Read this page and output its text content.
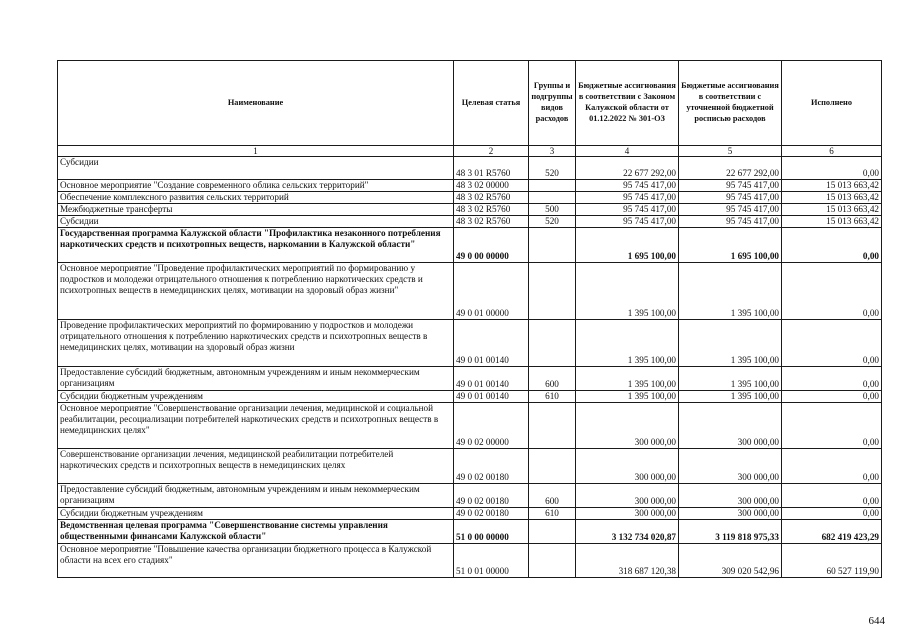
Наименование	Целевая статья	Группы и подгруппы видов расходов	Бюджетные ассигнования в соответствии с Законом Калужской области от 01.12.2022 № 301-ОЗ	Бюджетные ассигнования в соответствии с уточненной бюджетной росписью расходов	Исполнено
1	2	3	4	5	6
Субсидии	48 3 01 R5760	520	22 677 292,00	22 677 292,00	0,00
Основное мероприятие "Создание современного облика сельских территорий"	48 3 02 00000		95 745 417,00	95 745 417,00	15 013 663,42
Обеспечение комплексного развития сельских территорий	48 3 02 R5760		95 745 417,00	95 745 417,00	15 013 663,42
Межбюджетные трансферты	48 3 02 R5760	500	95 745 417,00	95 745 417,00	15 013 663,42
Субсидии	48 3 02 R5760	520	95 745 417,00	95 745 417,00	15 013 663,42
Государственная программа Калужской области "Профилактика незаконного потребления наркотических средств и психотропных веществ, наркомании в Калужской области"	49 0 00 00000		1 695 100,00	1 695 100,00	0,00
Основное мероприятие "Проведение профилактических мероприятий по формированию у подростков и молодежи отрицательного отношения к потреблению наркотических средств и психотропных веществ в немедицинских целях, мотивации на здоровый образ жизни"	49 0 01 00000		1 395 100,00	1 395 100,00	0,00
Проведение профилактических мероприятий по формированию у подростков и молодежи отрицательного отношения к потреблению наркотических средств и психотропных веществ в немедицинских целях, мотивации на здоровый образ жизни	49 0 01 00140		1 395 100,00	1 395 100,00	0,00
Предоставление субсидий бюджетным, автономным учреждениям и иным некоммерческим организациям	49 0 01 00140	600	1 395 100,00	1 395 100,00	0,00
Субсидии бюджетным учреждениям	49 0 01 00140	610	1 395 100,00	1 395 100,00	0,00
Основное мероприятие "Совершенствование организации лечения, медицинской и социальной реабилитации, ресоциализации потребителей наркотических средств и психотропных веществ в немедицинских целях"	49 0 02 00000		300 000,00	300 000,00	0,00
Совершенствование организации лечения, медицинской реабилитации потребителей наркотических средств и психотропных веществ в немедицинских целях	49 0 02 00180		300 000,00	300 000,00	0,00
Предоставление субсидий бюджетным, автономным учреждениям и иным некоммерческим организациям	49 0 02 00180	600	300 000,00	300 000,00	0,00
Субсидии бюджетным учреждениям	49 0 02 00180	610	300 000,00	300 000,00	0,00
Ведомственная целевая программа "Совершенствование системы управления общественными финансами Калужской области"	51 0 00 00000		3 132 734 020,87	3 119 818 975,33	682 419 423,29
Основное мероприятие "Повышение качества организации бюджетного процесса в Калужской области на всех его стадиях"	51 0 01 00000		318 687 120,38	309 020 542,96	60 527 119,90
644
